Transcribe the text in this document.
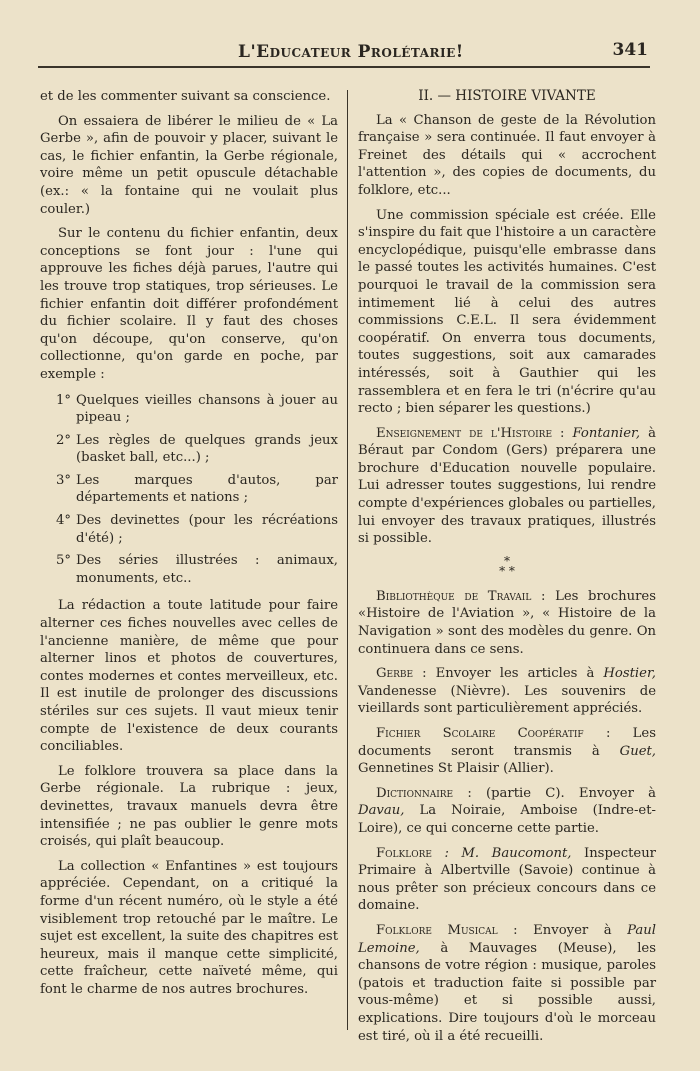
L'Educateur Prolétarie!	341

et de les commenter suivant sa conscience.

On essaiera de libérer le milieu de « La Gerbe », afin de pouvoir y placer, suivant le cas, le fichier enfantin, la Gerbe régionale, voire même un petit opuscule détachable (ex.: « la fontaine qui ne voulait plus couler.)

Sur le contenu du fichier enfantin, deux conceptions se font jour : l'une qui approuve les fiches déjà parues, l'autre qui les trouve trop statiques, trop sérieuses. Le fichier enfantin doit différer profondément du fichier scolaire. Il y faut des choses qu'on découpe, qu'on conserve, qu'on collectionne, qu'on garde en poche, par exemple :

1° Quelques vieilles chansons à jouer au pipeau ;
2° Les règles de quelques grands jeux (basket ball, etc...) ;
3° Les marques d'autos, par départements et nations ;
4° Des devinettes (pour les récréations d'été) ;
5° Des séries illustrées : animaux, monuments, etc..

La rédaction a toute latitude pour faire alterner ces fiches nouvelles avec celles de l'ancienne manière, de même que pour alterner linos et photos de couvertures, contes modernes et contes merveilleux, etc. Il est inutile de prolonger des discussions stériles sur ces sujets. Il vaut mieux tenir compte de l'existence de deux courants conciliables.

Le folklore trouvera sa place dans la Gerbe régionale. La rubrique : jeux, devinettes, travaux manuels devra être intensifiée ; ne pas oublier le genre mots croisés, qui plaît beaucoup.

La collection « Enfantines » est toujours appréciée. Cependant, on a critiqué la forme d'un récent numéro, où le style a été visiblement trop retouché par le maître. Le sujet est excellent, la suite des chapitres est heureux, mais il manque cette simplicité, cette fraîcheur, cette naïveté même, qui font le charme de nos autres brochures.

II. — HISTOIRE VIVANTE

La « Chanson de geste de la Révolution française » sera continuée. Il faut envoyer à Freinet des détails qui « accrochent l'attention », des copies de documents, du folklore, etc...

Une commission spéciale est créée. Elle s'inspire du fait que l'histoire a un caractère encyclopédique, puisqu'elle embrasse dans le passé toutes les activités humaines. C'est pourquoi le travail de la commission sera intimement lié à celui des autres commissions C.E.L. Il sera évidemment coopératif. On enverra tous documents, toutes suggestions, soit aux camarades intéressés, soit à Gauthier qui les rassemblera et en fera le tri (n'écrire qu'au recto ; bien séparer les questions.)

Enseignement de l'Histoire : Fontanier, à Béraut par Condom (Gers) préparera une brochure d'Education nouvelle populaire. Lui adresser toutes suggestions, lui rendre compte d'expériences globales ou partielles, lui envoyer des travaux pratiques, illustrés si possible.

*
* *

Bibliothèque de Travail : Les brochures «Histoire de l'Aviation », « Histoire de la Navigation » sont des modèles du genre. On continuera dans ce sens.

Gerbe : Envoyer les articles à Hostier, Vandenesse (Nièvre). Les souvenirs de vieillards sont particulièrement appréciés.

Fichier Scolaire Coopératif : Les documents seront transmis à Guet, Gennetines St Plaisir (Allier).

Dictionnaire : (partie C). Envoyer à Davau, La Noiraie, Amboise (Indre-et-Loire), ce qui concerne cette partie.

Folklore : M. Baucomont, Inspecteur Primaire à Albertville (Savoie) continue à nous prêter son précieux concours dans ce domaine.

Folklore Musical : Envoyer à Paul Lemoine, à Mauvages (Meuse), les chansons de votre région : musique, paroles (patois et traduction faite si possible par vous-même) et si possible aussi, explications. Dire toujours d'où le morceau est tiré, où il a été recueilli.
